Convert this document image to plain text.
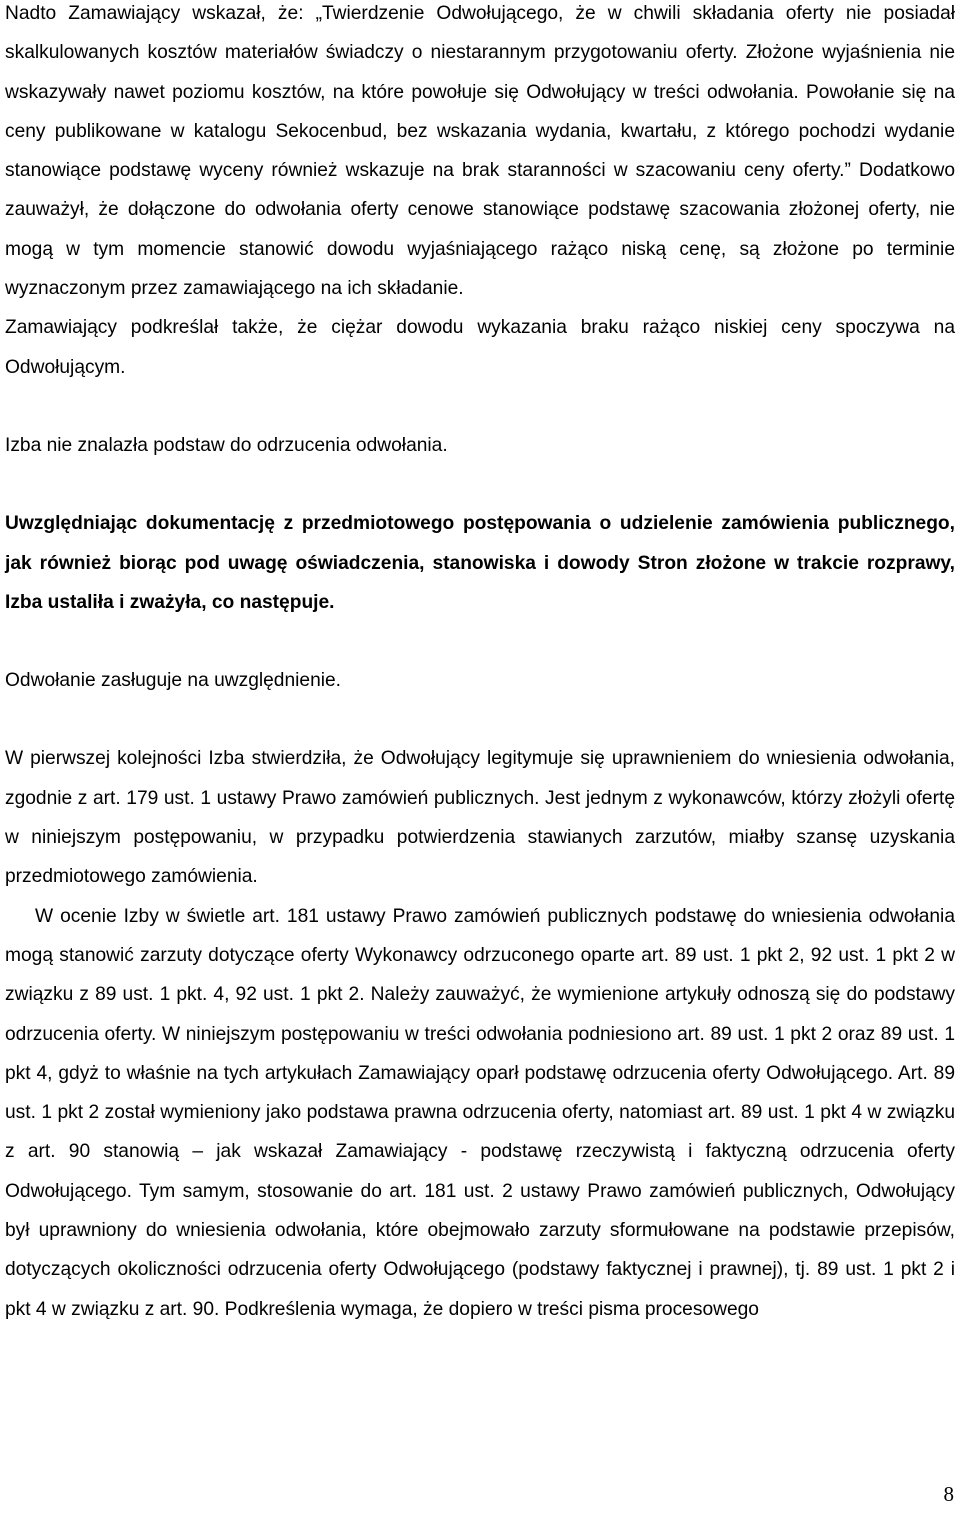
Nadto Zamawiający wskazał, że: „Twierdzenie Odwołującego, że w chwili składania oferty nie posiadał skalkulowanych kosztów materiałów świadczy o niestarannym przygotowaniu oferty. Złożone wyjaśnienia nie wskazywały nawet poziomu kosztów, na które powołuje się Odwołujący w treści odwołania. Powołanie się na ceny publikowane w katalogu Sekocenbud, bez wskazania wydania, kwartału, z którego pochodzi wydanie stanowiące podstawę wyceny również wskazuje na brak staranności w szacowaniu ceny oferty.” Dodatkowo zauważył, że dołączone do odwołania oferty cenowe stanowiące podstawę szacowania złożonej oferty, nie mogą w tym momencie stanowić dowodu wyjaśniającego rażąco niską cenę, są złożone po terminie wyznaczonym przez zamawiającego na ich składanie.

Zamawiający podkreślał także, że ciężar dowodu wykazania braku rażąco niskiej ceny spoczywa na Odwołującym.

Izba nie znalazła podstaw do odrzucenia odwołania.

Uwzględniając dokumentację z przedmiotowego postępowania o udzielenie zamówienia publicznego, jak również biorąc pod uwagę oświadczenia, stanowiska i dowody Stron złożone w trakcie rozprawy, Izba ustaliła i zważyła, co następuje.

Odwołanie zasługuje na uwzględnienie.

W pierwszej kolejności Izba stwierdziła, że Odwołujący legitymuje się uprawnieniem do wniesienia odwołania, zgodnie z art. 179 ust. 1 ustawy Prawo zamówień publicznych. Jest jednym z wykonawców, którzy złożyli ofertę w niniejszym postępowaniu, w przypadku potwierdzenia stawianych zarzutów, miałby szansę uzyskania przedmiotowego zamówienia.

W ocenie Izby w świetle art. 181 ustawy Prawo zamówień publicznych podstawę do wniesienia odwołania mogą stanowić zarzuty dotyczące oferty Wykonawcy odrzuconego oparte art. 89 ust. 1 pkt 2, 92 ust. 1 pkt 2 w związku z 89 ust. 1 pkt. 4, 92 ust. 1 pkt 2. Należy zauważyć, że wymienione artykuły odnoszą się do podstawy odrzucenia oferty. W niniejszym postępowaniu w treści odwołania podniesiono art. 89 ust. 1 pkt 2 oraz 89 ust. 1 pkt 4, gdyż to właśnie na tych artykułach Zamawiający oparł podstawę odrzucenia oferty Odwołującego. Art. 89 ust. 1 pkt 2 został wymieniony jako podstawa prawna odrzucenia oferty, natomiast art. 89 ust. 1 pkt 4 w związku z art. 90 stanowią – jak wskazał Zamawiający - podstawę rzeczywistą i faktyczną odrzucenia oferty Odwołującego. Tym samym, stosowanie do art. 181 ust. 2 ustawy Prawo zamówień publicznych, Odwołujący był uprawniony do wniesienia odwołania, które obejmowało zarzuty sformułowane na podstawie przepisów, dotyczących okoliczności odrzucenia oferty Odwołującego (podstawy faktycznej i prawnej), tj. 89 ust. 1 pkt 2 i pkt 4 w związku z art. 90. Podkreślenia wymaga, że dopiero w treści pisma procesowego

8
